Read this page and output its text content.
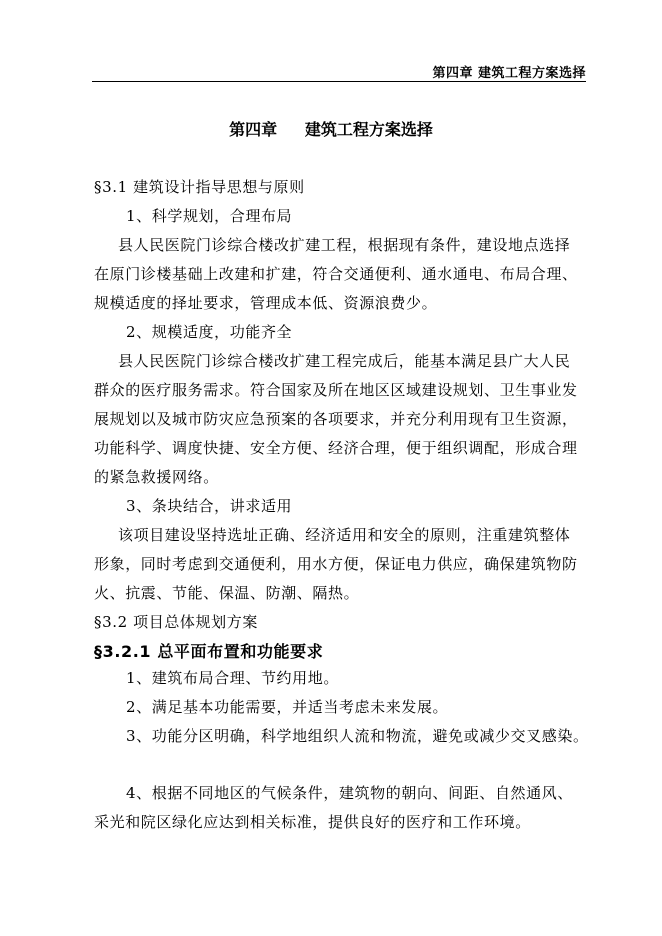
第四章 建筑工程方案选择
第四章     建筑工程方案选择
§3.1 建筑设计指导思想与原则
1、科学规划，合理布局
县人民医院门诊综合楼改扩建工程，根据现有条件，建设地点选择
在原门诊楼基础上改建和扩建，符合交通便利、通水通电、布局合理、
规模适度的择址要求，管理成本低、资源浪费少。
2、规模适度，功能齐全
县人民医院门诊综合楼改扩建工程完成后，能基本满足县广大人民
群众的医疗服务需求。符合国家及所在地区区域建设规划、卫生事业发
展规划以及城市防灾应急预案的各项要求，并充分利用现有卫生资源，
功能科学、调度快捷、安全方便、经济合理，便于组织调配，形成合理
的紧急救援网络。
3、条块结合，讲求适用
该项目建设坚持选址正确、经济适用和安全的原则，注重建筑整体
形象，同时考虑到交通便利，用水方便，保证电力供应，确保建筑物防
火、抗震、节能、保温、防潮、隔热。
§3.2 项目总体规划方案
§3.2.1 总平面布置和功能要求
1、建筑布局合理、节约用地。
2、满足基本功能需要，并适当考虑未来发展。
3、功能分区明确，科学地组织人流和物流，避免或减少交叉感染。
4、根据不同地区的气候条件，建筑物的朝向、间距、自然通风、
采光和院区绿化应达到相关标准，提供良好的医疗和工作环境。
